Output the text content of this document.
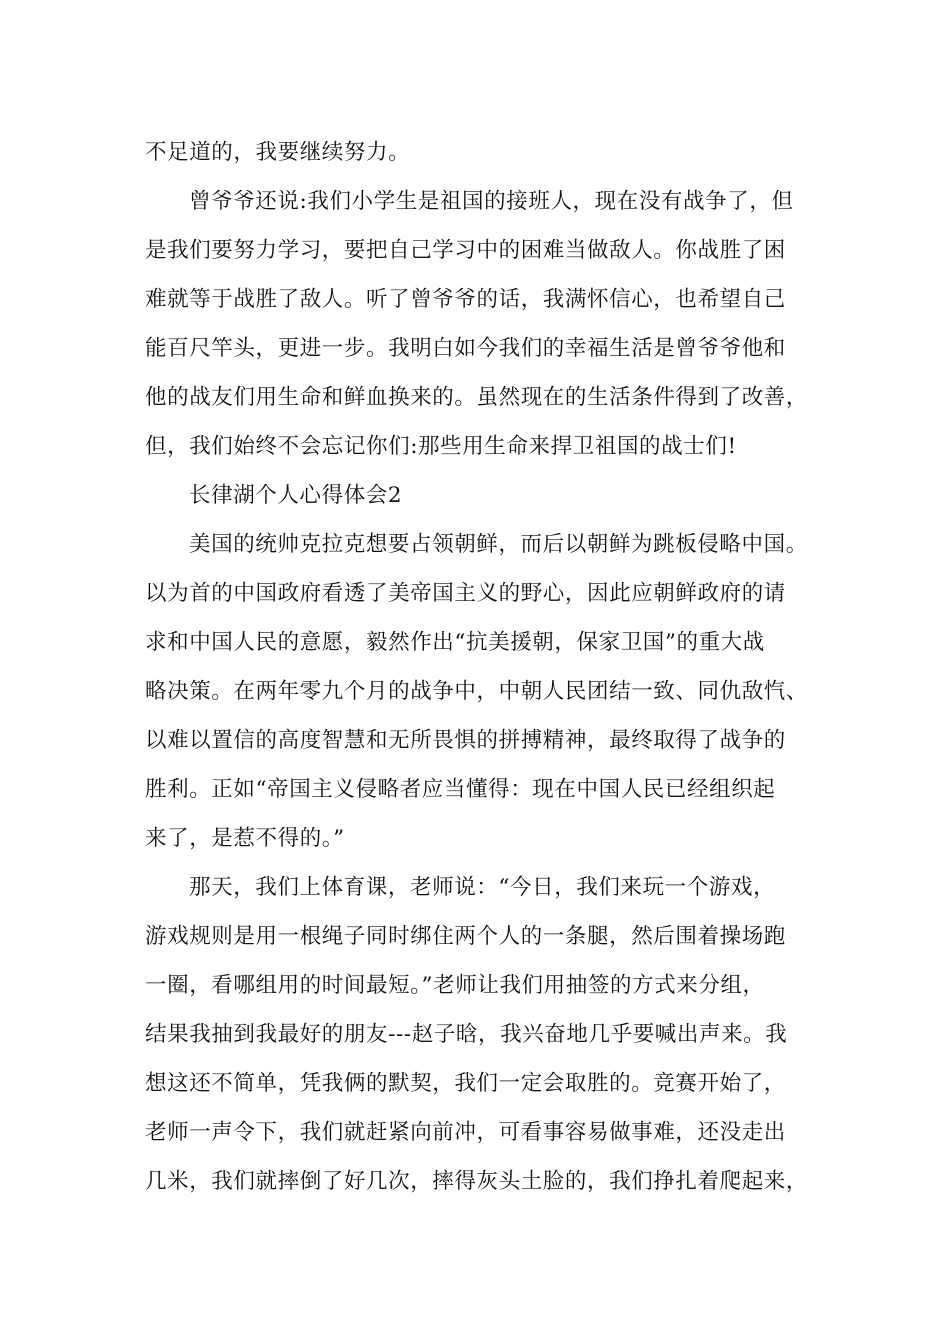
不足道的，我要继续努力。
曾爷爷还说:我们小学生是祖国的接班人，现在没有战争了，但
是我们要努力学习，要把自己学习中的困难当做敌人。你战胜了困
难就等于战胜了敌人。听了曾爷爷的话，我满怀信心，也希望自己
能百尺竿头，更进一步。我明白如今我们的幸福生活是曾爷爷他和
他的战友们用生命和鲜血换来的。虽然现在的生活条件得到了改善，
但，我们始终不会忘记你们:那些用生命来捍卫祖国的战士们!
长律湖个人心得体会2
美国的统帅克拉克想要占领朝鲜，而后以朝鲜为跳板侵略中国。
以为首的中国政府看透了美帝国主义的野心，因此应朝鲜政府的请
求和中国人民的意愿，毅然作出“抗美援朝，保家卫国”的重大战
略决策。在两年零九个月的战争中，中朝人民团结一致、同仇敌忾、
以难以置信的高度智慧和无所畏惧的拼搏精神，最终取得了战争的
胜利。正如“帝国主义侵略者应当懂得：现在中国人民已经组织起
来了，是惹不得的。”
那天，我们上体育课，老师说：“今日，我们来玩一个游戏，
游戏规则是用一根绳子同时绑住两个人的一条腿，然后围着操场跑
一圈，看哪组用的时间最短。”老师让我们用抽签的方式来分组，
结果我抽到我最好的朋友---赵子晗，我兴奋地几乎要喊出声来。我
想这还不简单，凭我俩的默契，我们一定会取胜的。竞赛开始了，
老师一声令下，我们就赶紧向前冲，可看事容易做事难，还没走出
几米，我们就摔倒了好几次，摔得灰头土脸的，我们挣扎着爬起来，
